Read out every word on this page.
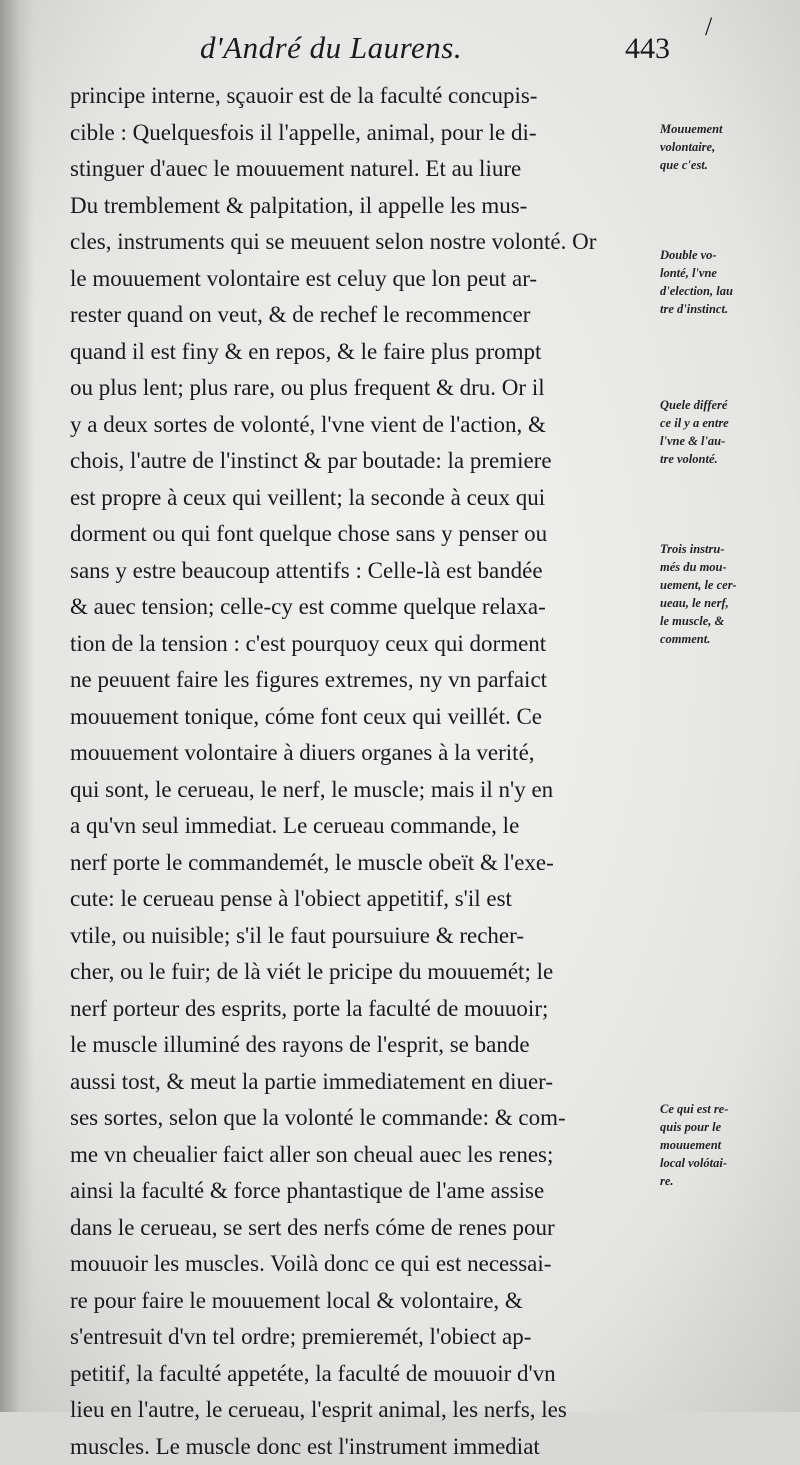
d'André du Laurens.	443
/
principe interne, sçauoir est de la faculté concupis-
cible : Quelquesfois il l'appelle, animal, pour le di-
stinguer d'auec le mouuement naturel. Et au liure
Du tremblement & palpitation, il appelle les mus-
cles, instruments qui se meuuent selon nostre volonté. Or
le mouuement volontaire est celuy que lon peut ar-
rester quand on veut, & de rechef le recommencer
quand il est finy & en repos, & le faire plus prompt
ou plus lent; plus rare, ou plus frequent & dru. Or il
y a deux sortes de volonté, l'vne vient de l'action, &
chois, l'autre de l'instinct & par boutade: la premiere
est propre à ceux qui veillent; la seconde à ceux qui
dorment ou qui font quelque chose sans y penser ou
sans y estre beaucoup attentifs : Celle-là est bandée
& auec tension; celle-cy est comme quelque relaxa-
tion de la tension : c'est pourquoy ceux qui dorment
ne peuuent faire les figures extremes, ny vn parfaict
mouuement tonique, cóme font ceux qui veillét. Ce
mouuement volontaire à diuers organes à la verité,
qui sont, le cerueau, le nerf, le muscle; mais il n'y en
a qu'vn seul immediat. Le cerueau commande, le
nerf porte le commandemét, le muscle obeït & l'exe-
cute: le cerueau pense à l'obiect appetitif, s'il est
vtile, ou nuisible; s'il le faut poursuiure & recher-
cher, ou le fuir; de là viét le pricipe du mouuemét; le
nerf porteur des esprits, porte la faculté de mouuoir;
le muscle illuminé des rayons de l'esprit, se bande
aussi tost, & meut la partie immediatement en diuer-
ses sortes, selon que la volonté le commande: & com-
me vn cheualier faict aller son cheual auec les renes;
ainsi la faculté & force phantastique de l'ame assise
dans le cerueau, se sert des nerfs cóme de renes pour
mouuoir les muscles. Voilà donc ce qui est necessai-
re pour faire le mouuement local & volontaire, &
s'entresuit d'vn tel ordre; premieremét, l'obiect ap-
petitif, la faculté appetéte, la faculté de mouuoir d'vn
lieu en l'autre, le cerueau, l'esprit animal, les nerfs, les
muscles. Le muscle donc est l'instrument immediat
Mouuement
volontaire,
que c'est.
Double vo-
lonté, l'vne
d'election, lau
tre d'instinct.
Quele differé
ce il y a entre
l'vne & l'au-
tre volonté.
Trois instru-
més du mou-
uement, le cer-
ueau, le nerf,
le muscle, &
comment.
Ce qui est re-
quis pour le
mouuement
local volótai-
re.
